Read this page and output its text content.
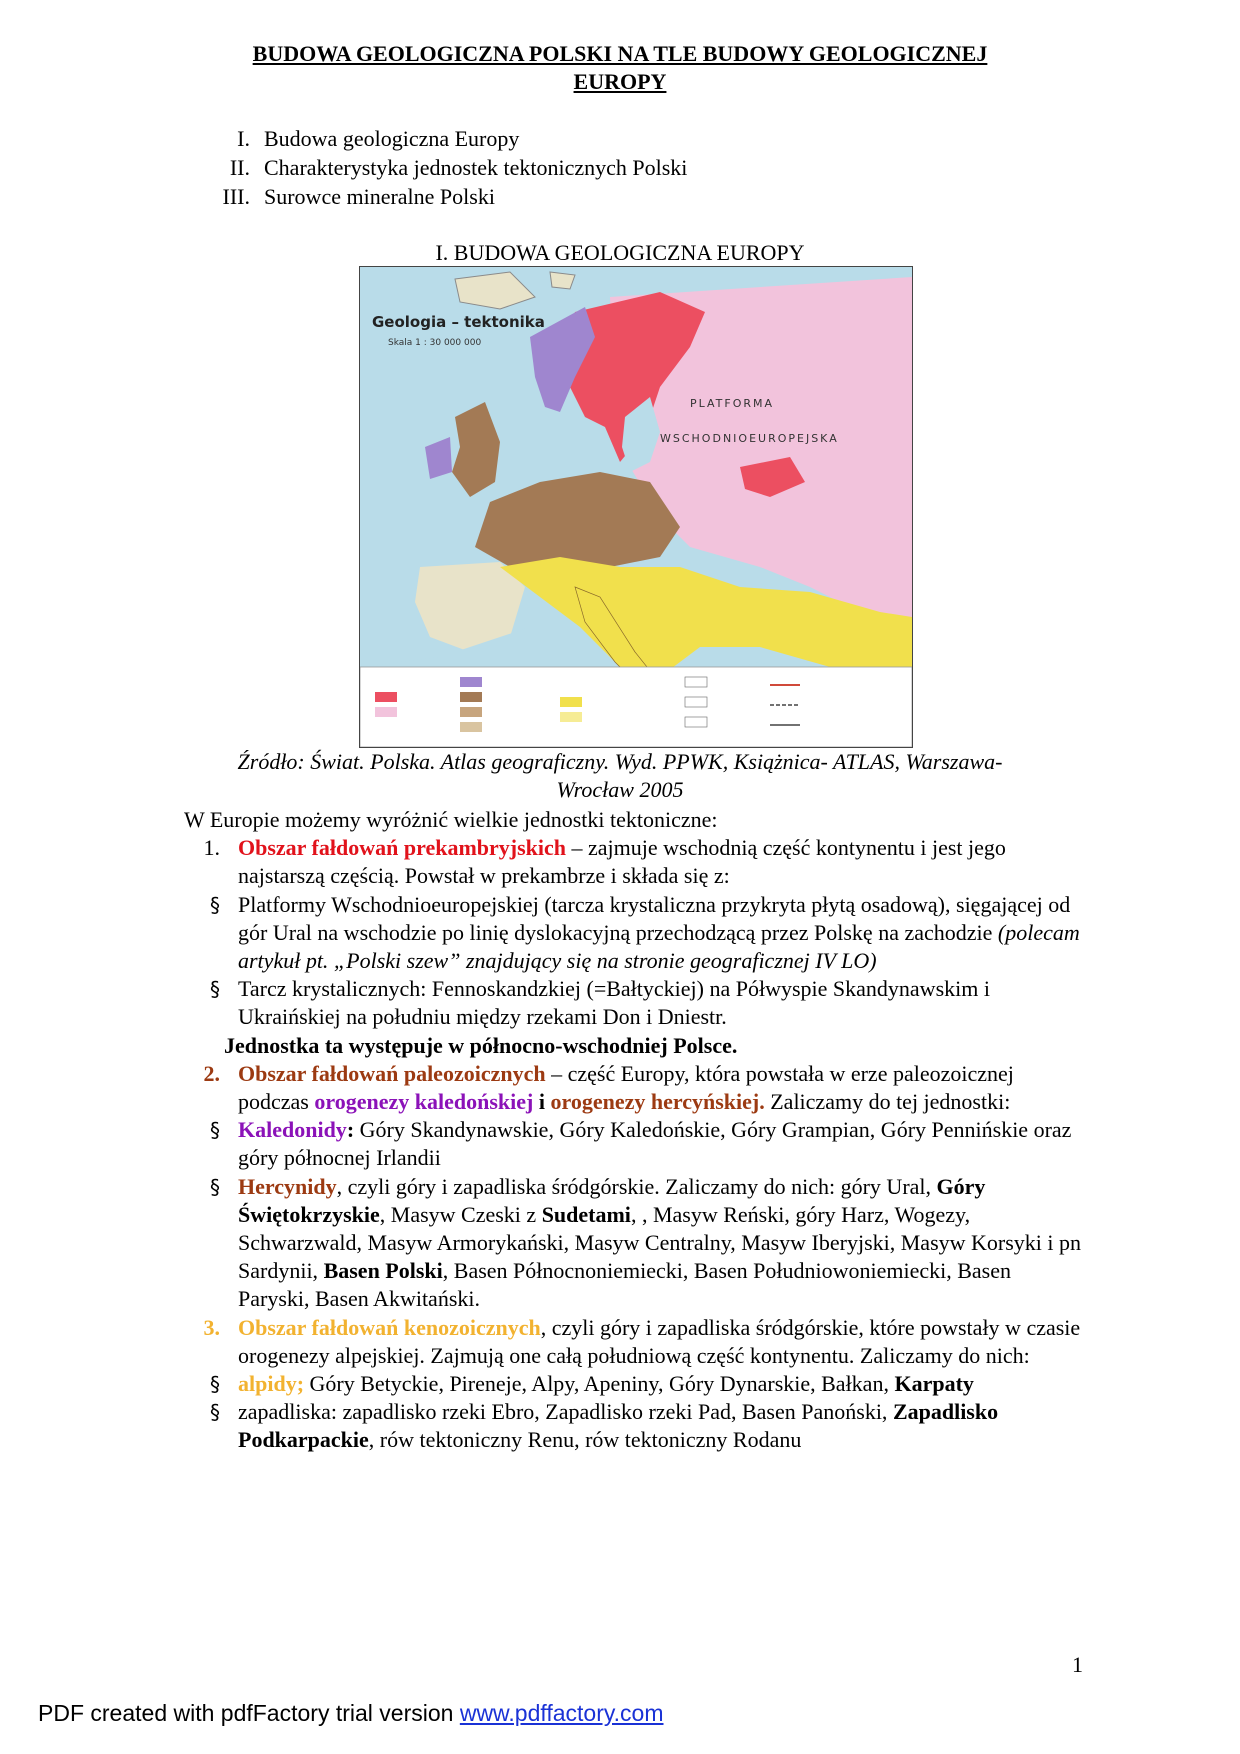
BUDOWA GEOLOGICZNA POLSKI NA TLE BUDOWY GEOLOGICZNEJ
EUROPY
I. Budowa geologiczna Europy
II. Charakterystyka jednostek tektonicznych Polski
III. Surowce mineralne Polski
I. BUDOWA GEOLOGICZNA EUROPY
Geologia – tektonika
Skala 1 : 30 000 000
PLATFORMA
WSCHODNIOEUROPEJSKA
Źródło: Świat. Polska. Atlas geograficzny. Wyd. PPWK, Książnica- ATLAS, Warszawa-
Wrocław 2005

W Europie możemy wyróżnić wielkie jednostki tektoniczne:

1. Obszar fałdowań prekambryjskich – zajmuje wschodnią część kontynentu i jest jego najstarszą częścią. Powstał w prekambrze i składa się z:
§ Platformy Wschodnioeuropejskiej (tarcza krystaliczna przykryta płytą osadową), sięgającej od gór Ural na wschodzie po linię dyslokacyjną przechodzącą przez Polskę na zachodzie (polecam artykuł pt. „Polski szew” znajdujący się na stronie geograficznej IV LO)
§ Tarcz krystalicznych: Fennoskandzkiej (=Bałtyckiej) na Półwyspie Skandynawskim i Ukraińskiej na południu między rzekami Don i Dniestr.

Jednostka ta występuje w północno-wschodniej Polsce.

2. Obszar fałdowań paleozoicznych – część Europy, która powstała w erze paleozoicznej podczas orogenezy kaledońskiej i orogenezy hercyńskiej. Zaliczamy do tej jednostki:
§ Kaledonidy: Góry Skandynawskie, Góry Kaledońskie, Góry Grampian, Góry Pennińskie oraz góry północnej Irlandii
§ Hercynidy, czyli góry i zapadliska śródgórskie. Zaliczamy do nich: góry Ural, Góry Świętokrzyskie, Masyw Czeski z Sudetami, , Masyw Reński, góry Harz, Wogezy, Schwarzwald, Masyw Armorykański, Masyw Centralny, Masyw Iberyjski, Masyw Korsyki i pn Sardynii, Basen Polski, Basen Północnoniemiecki, Basen Południowoniemiecki, Basen Paryski, Basen Akwitański.
3. Obszar fałdowań kenozoicznych, czyli góry i zapadliska śródgórskie, które powstały w czasie orogenezy alpejskiej. Zajmują one całą południową część kontynentu. Zaliczamy do nich:
§ alpidy; Góry Betyckie, Pireneje, Alpy, Apeniny, Góry Dynarskie, Bałkan, Karpaty
§ zapadliska: zapadlisko rzeki Ebro, Zapadlisko rzeki Pad, Basen Panoński, Zapadlisko Podkarpackie, rów tektoniczny Renu, rów tektoniczny Rodanu
1
PDF created with pdfFactory trial version www.pdffactory.com
